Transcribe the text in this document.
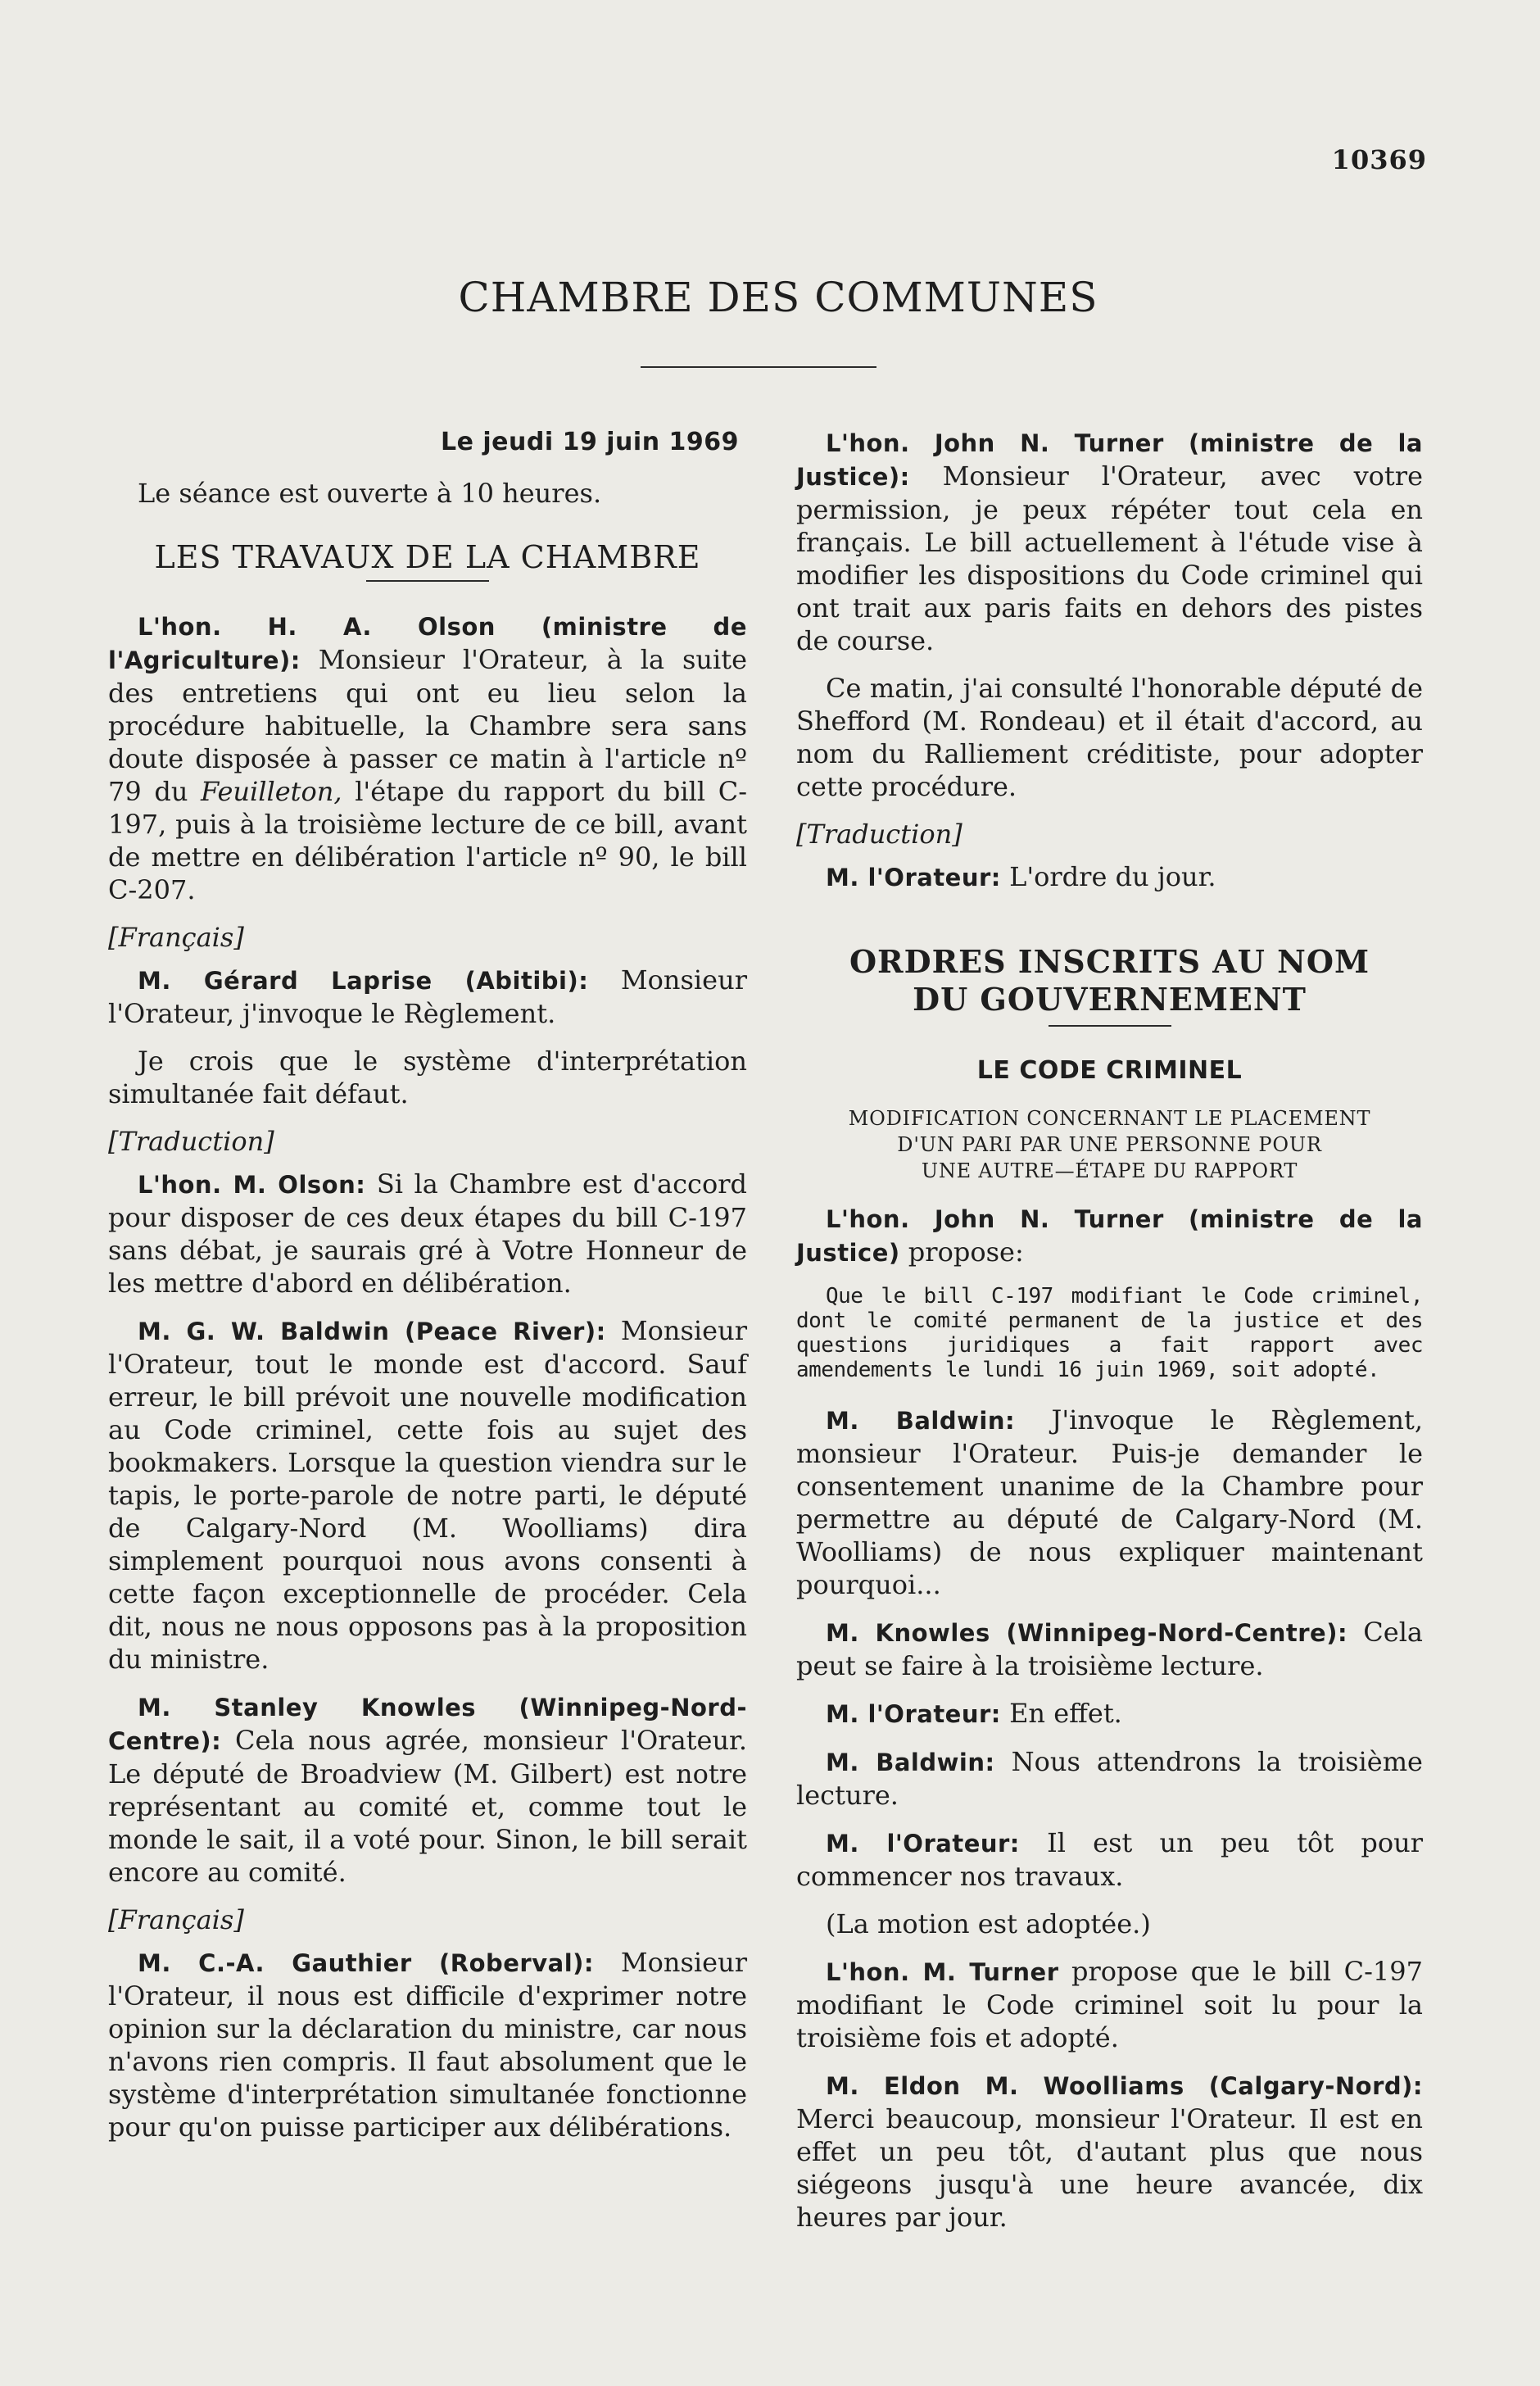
10369
CHAMBRE DES COMMUNES

Le jeudi 19 juin 1969

Le séance est ouverte à 10 heures.

LES TRAVAUX DE LA CHAMBRE

L'hon. H. A. Olson (ministre de l'Agriculture): Monsieur l'Orateur, à la suite des entretiens qui ont eu lieu selon la procédure habituelle, la Chambre sera sans doute disposée à passer ce matin à l'article nº 79 du Feuilleton, l'étape du rapport du bill C-197, puis à la troisième lecture de ce bill, avant de mettre en délibération l'article nº 90, le bill C-207.

[Français]

M. Gérard Laprise (Abitibi): Monsieur l'Orateur, j'invoque le Règlement.

Je crois que le système d'interprétation simultanée fait défaut.

[Traduction]

L'hon. M. Olson: Si la Chambre est d'accord pour disposer de ces deux étapes du bill C-197 sans débat, je saurais gré à Votre Honneur de les mettre d'abord en délibération.

M. G. W. Baldwin (Peace River): Monsieur l'Orateur, tout le monde est d'accord. Sauf erreur, le bill prévoit une nouvelle modification au Code criminel, cette fois au sujet des bookmakers. Lorsque la question viendra sur le tapis, le porte-parole de notre parti, le député de Calgary-Nord (M. Woolliams) dira simplement pourquoi nous avons consenti à cette façon exceptionnelle de procéder. Cela dit, nous ne nous opposons pas à la proposition du ministre.

M. Stanley Knowles (Winnipeg-Nord-Centre): Cela nous agrée, monsieur l'Orateur. Le député de Broadview (M. Gilbert) est notre représentant au comité et, comme tout le monde le sait, il a voté pour. Sinon, le bill serait encore au comité.

[Français]

M. C.-A. Gauthier (Roberval): Monsieur l'Orateur, il nous est difficile d'exprimer notre opinion sur la déclaration du ministre, car nous n'avons rien compris. Il faut absolument que le système d'interprétation simultanée fonctionne pour qu'on puisse participer aux délibérations.

L'hon. John N. Turner (ministre de la Justice): Monsieur l'Orateur, avec votre permission, je peux répéter tout cela en français. Le bill actuellement à l'étude vise à modifier les dispositions du Code criminel qui ont trait aux paris faits en dehors des pistes de course.

Ce matin, j'ai consulté l'honorable député de Shefford (M. Rondeau) et il était d'accord, au nom du Ralliement créditiste, pour adopter cette procédure.

[Traduction]

M. l'Orateur: L'ordre du jour.

ORDRES INSCRITS AU NOM
DU GOUVERNEMENT
LE CODE CRIMINEL
MODIFICATION CONCERNANT LE PLACEMENT
D'UN PARI PAR UNE PERSONNE POUR
UNE AUTRE—ÉTAPE DU RAPPORT

L'hon. John N. Turner (ministre de la Justice) propose:

Que le bill C-197 modifiant le Code criminel, dont le comité permanent de la justice et des questions juridiques a fait rapport avec amendements le lundi 16 juin 1969, soit adopté.

M. Baldwin: J'invoque le Règlement, monsieur l'Orateur. Puis-je demander le consentement unanime de la Chambre pour permettre au député de Calgary-Nord (M. Woolliams) de nous expliquer maintenant pourquoi...

M. Knowles (Winnipeg-Nord-Centre): Cela peut se faire à la troisième lecture.

M. l'Orateur: En effet.

M. Baldwin: Nous attendrons la troisième lecture.

M. l'Orateur: Il est un peu tôt pour commencer nos travaux.

(La motion est adoptée.)

L'hon. M. Turner propose que le bill C-197 modifiant le Code criminel soit lu pour la troisième fois et adopté.

M. Eldon M. Woolliams (Calgary-Nord): Merci beaucoup, monsieur l'Orateur. Il est en effet un peu tôt, d'autant plus que nous siégeons jusqu'à une heure avancée, dix heures par jour.
